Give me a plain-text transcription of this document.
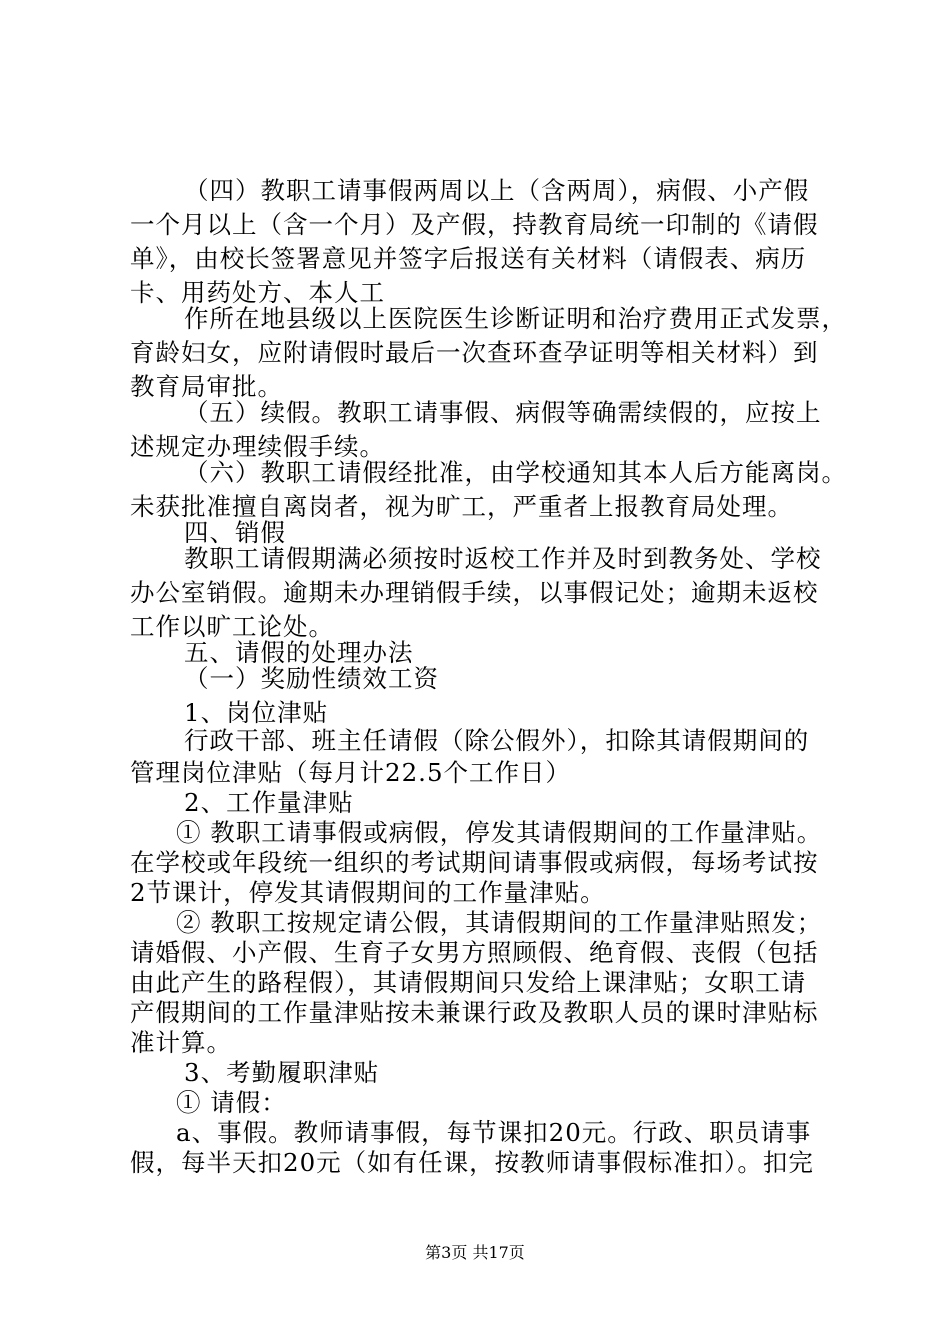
（四）教职工请事假两周以上（含两周），病假、小产假
一个月以上（含一个月）及产假，持教育局统一印制的《请假
单》，由校长签署意见并签字后报送有关材料（请假表、病历
卡、用药处方、本人工
作所在地县级以上医院医生诊断证明和治疗费用正式发票，
育龄妇女，应附请假时最后一次查环查孕证明等相关材料）到
教育局审批。
（五）续假。教职工请事假、病假等确需续假的，应按上
述规定办理续假手续。
（六）教职工请假经批准，由学校通知其本人后方能离岗。
未获批准擅自离岗者，视为旷工，严重者上报教育局处理。
四、销假
教职工请假期满必须按时返校工作并及时到教务处、学校
办公室销假。逾期未办理销假手续，以事假记处；逾期未返校
工作以旷工论处。
五、请假的处理办法
（一）奖励性绩效工资
1、岗位津贴
行政干部、班主任请假（除公假外），扣除其请假期间的
管理岗位津贴（每月计22.5个工作日）
2、工作量津贴
① 教职工请事假或病假，停发其请假期间的工作量津贴。
在学校或年段统一组织的考试期间请事假或病假，每场考试按
2节课计，停发其请假期间的工作量津贴。
② 教职工按规定请公假，其请假期间的工作量津贴照发；
请婚假、小产假、生育子女男方照顾假、绝育假、丧假（包括
由此产生的路程假），其请假期间只发给上课津贴；女职工请
产假期间的工作量津贴按未兼课行政及教职人员的课时津贴标
准计算。
3、考勤履职津贴
① 请假：
a、事假。教师请事假，每节课扣20元。行政、职员请事
假，每半天扣20元（如有任课，按教师请事假标准扣）。扣完
第3页 共17页
